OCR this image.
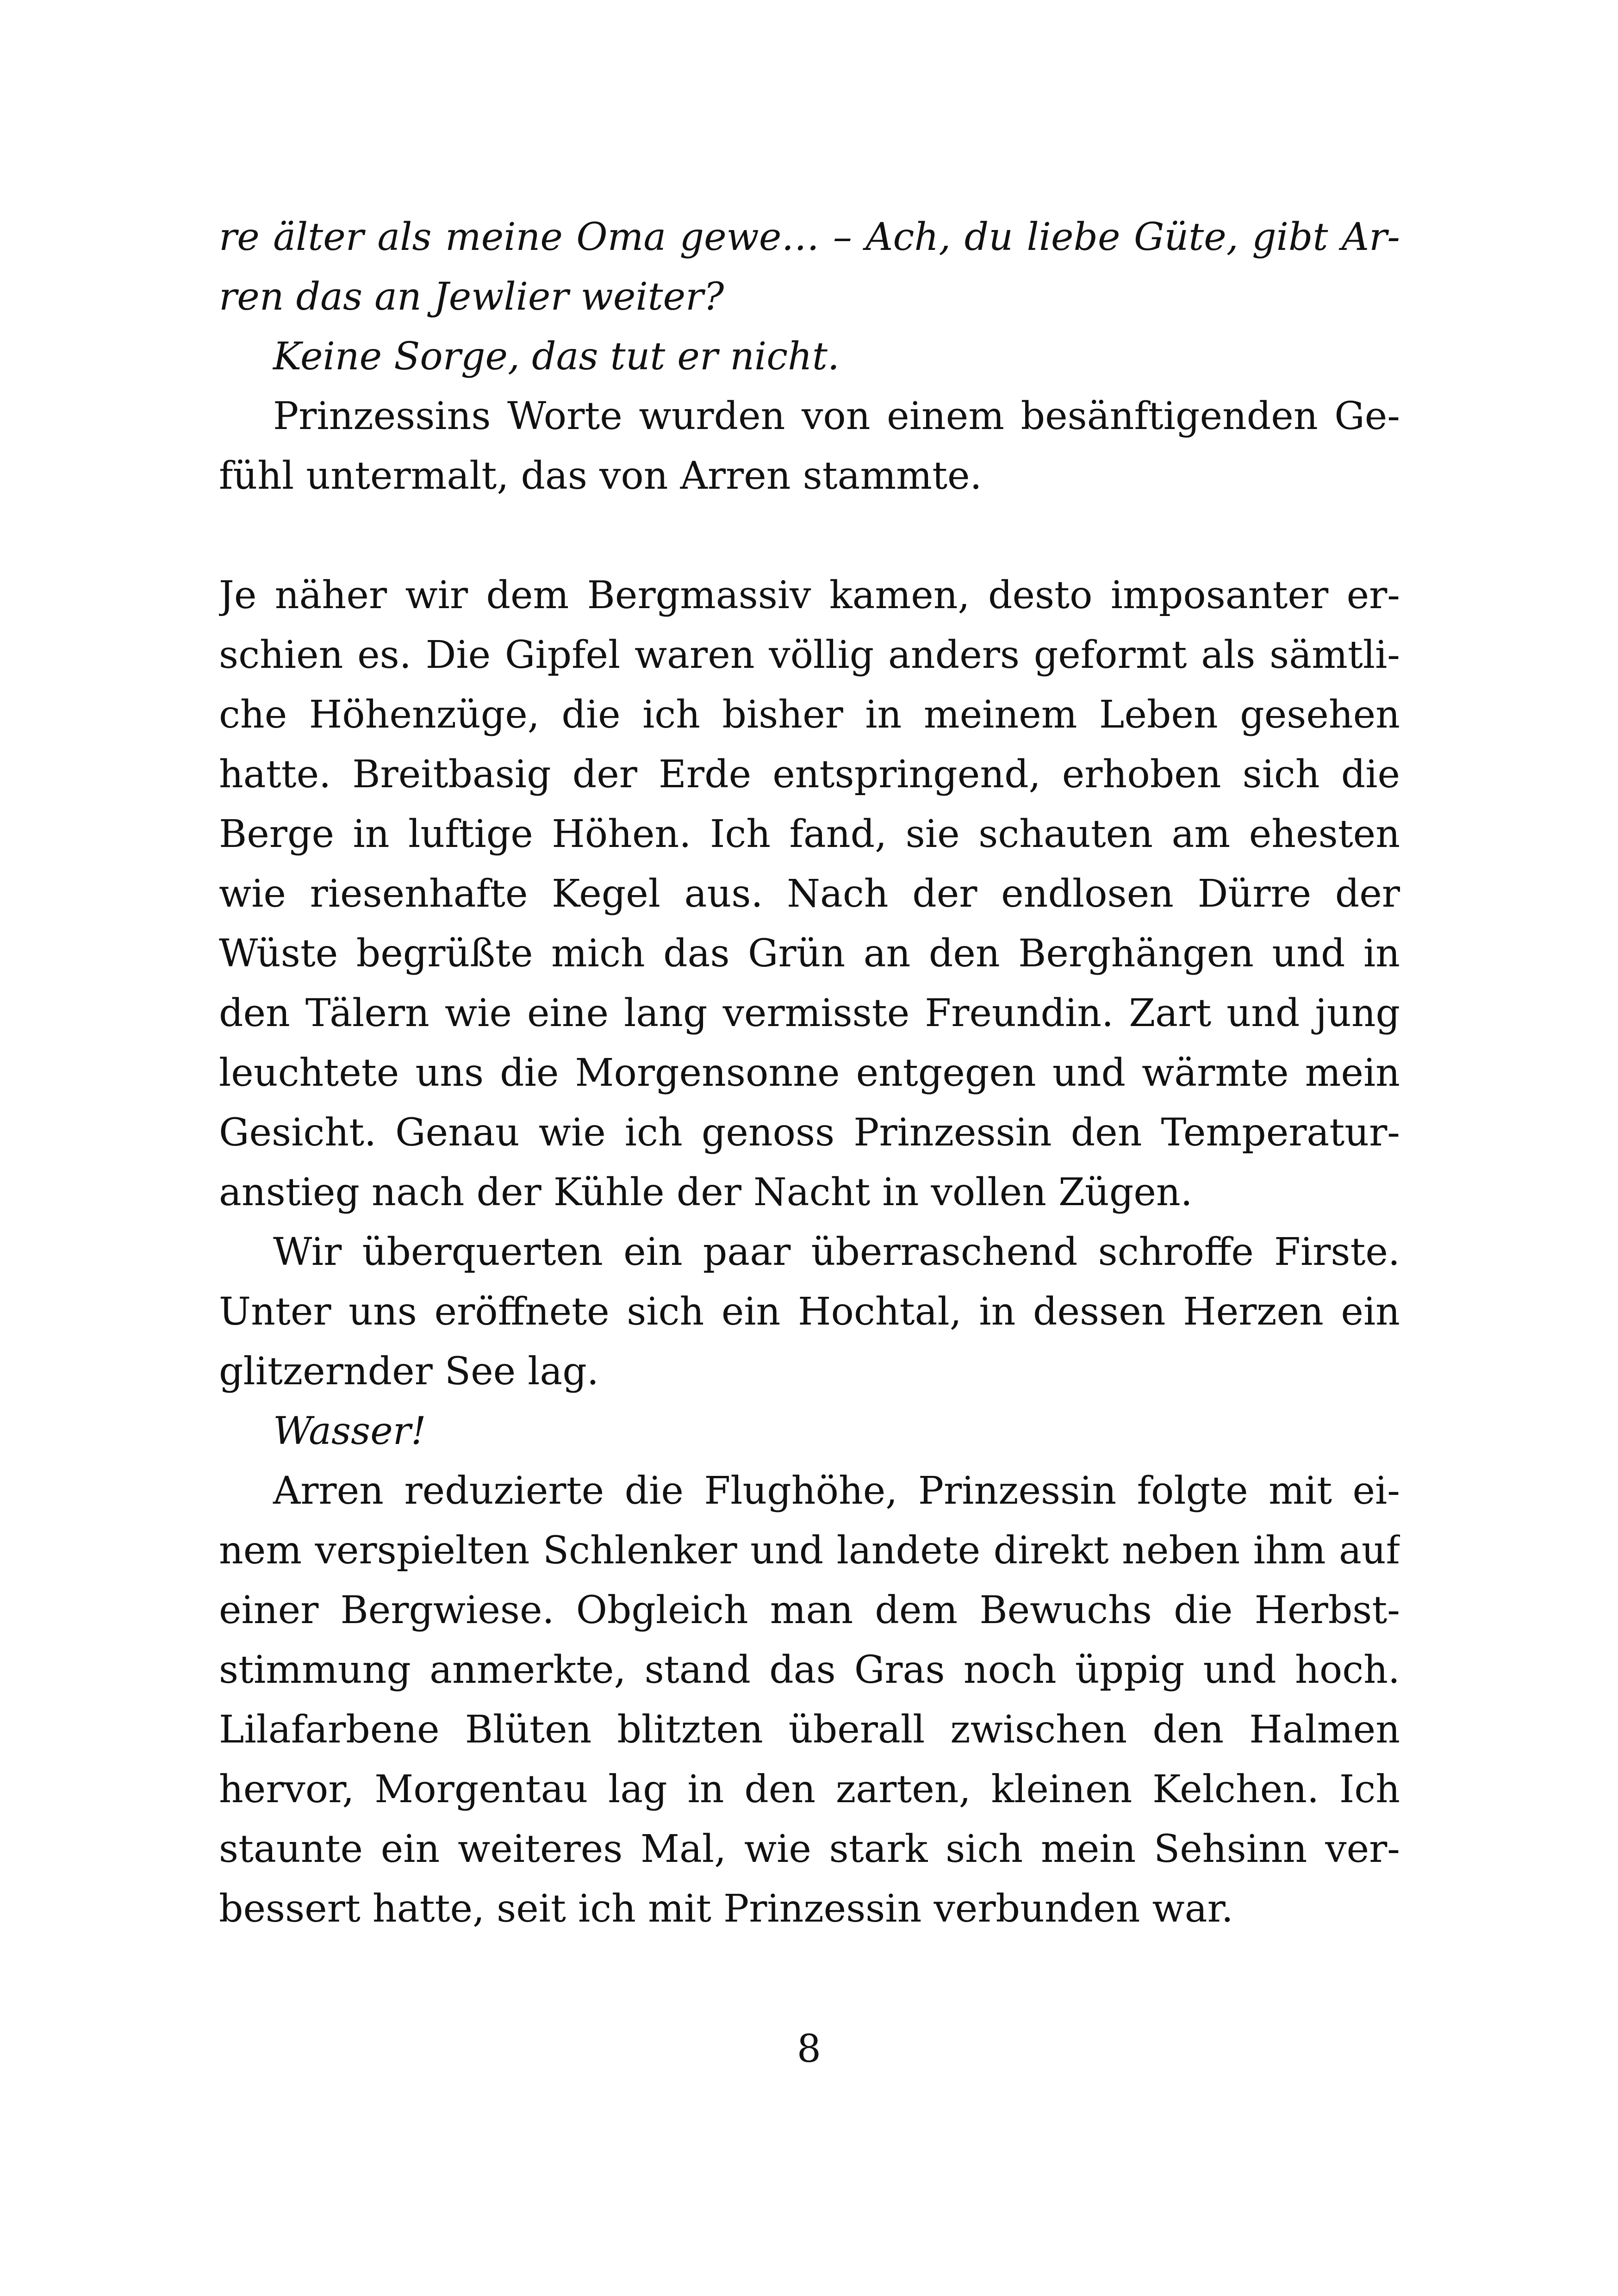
re älter als meine Oma gewe… – Ach, du liebe Güte, gibt Ar-
ren das an Jewlier weiter?
Keine Sorge, das tut er nicht.
Prinzessins Worte wurden von einem besänftigenden Ge-
fühl untermalt, das von Arren stammte.
Je näher wir dem Bergmassiv kamen, desto imposanter er-
schien es. Die Gipfel waren völlig anders geformt als sämtli-
che Höhenzüge, die ich bisher in meinem Leben gesehen
hatte. Breitbasig der Erde entspringend, erhoben sich die
Berge in luftige Höhen. Ich fand, sie schauten am ehesten
wie riesenhafte Kegel aus. Nach der endlosen Dürre der
Wüste begrüßte mich das Grün an den Berghängen und in
den Tälern wie eine lang vermisste Freundin. Zart und jung
leuchtete uns die Morgensonne entgegen und wärmte mein
Gesicht. Genau wie ich genoss Prinzessin den Temperatur-
anstieg nach der Kühle der Nacht in vollen Zügen.
Wir überquerten ein paar überraschend schroffe Firste.
Unter uns eröffnete sich ein Hochtal, in dessen Herzen ein
glitzernder See lag.
Wasser!
Arren reduzierte die Flughöhe, Prinzessin folgte mit ei-
nem verspielten Schlenker und landete direkt neben ihm auf
einer Bergwiese. Obgleich man dem Bewuchs die Herbst-
stimmung anmerkte, stand das Gras noch üppig und hoch.
Lilafarbene Blüten blitzten überall zwischen den Halmen
hervor, Morgentau lag in den zarten, kleinen Kelchen. Ich
staunte ein weiteres Mal, wie stark sich mein Sehsinn ver-
bessert hatte, seit ich mit Prinzessin verbunden war.
8
